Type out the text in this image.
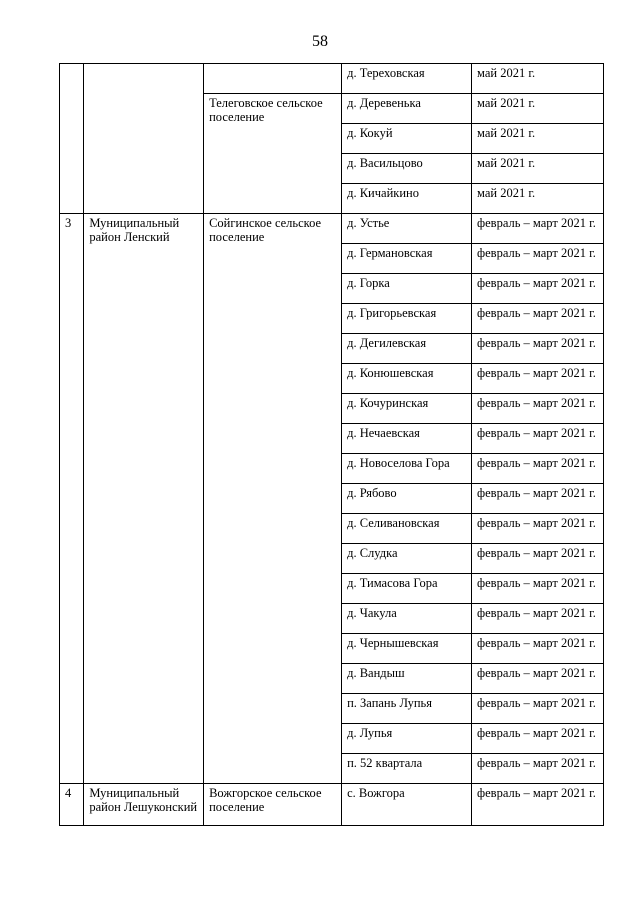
58
			д. Тереховская	май 2021 г.
		Телеговское сельское поселение	д. Деревенька	май 2021 г.
			д. Кокуй	май 2021 г.
			д. Васильцово	май 2021 г.
			д. Кичайкино	май 2021 г.
3	Муниципальный район Ленский	Сойгинское сельское поселение	д. Устье	февраль – март 2021 г.
			д. Германовская	февраль – март 2021 г.
			д. Горка	февраль – март 2021 г.
			д. Григорьевская	февраль – март 2021 г.
			д. Дегилевская	февраль – март 2021 г.
			д. Конюшевская	февраль – март 2021 г.
			д. Кочуринская	февраль – март 2021 г.
			д. Нечаевская	февраль – март 2021 г.
			д. Новоселова Гора	февраль – март 2021 г.
			д. Рябово	февраль – март 2021 г.
			д. Селивановская	февраль – март 2021 г.
			д. Слудка	февраль – март 2021 г.
			д. Тимасова Гора	февраль – март 2021 г.
			д. Чакула	февраль – март 2021 г.
			д. Чернышевская	февраль – март 2021 г.
			д. Вандыш	февраль – март 2021 г.
			п. Запань Лупья	февраль – март 2021 г.
			д. Лупья	февраль – март 2021 г.
			п. 52 квартала	февраль – март 2021 г.
4	Муниципальный район Лешуконский	Вожгорское сельское поселение	с. Вожгора	февраль – март 2021 г.
